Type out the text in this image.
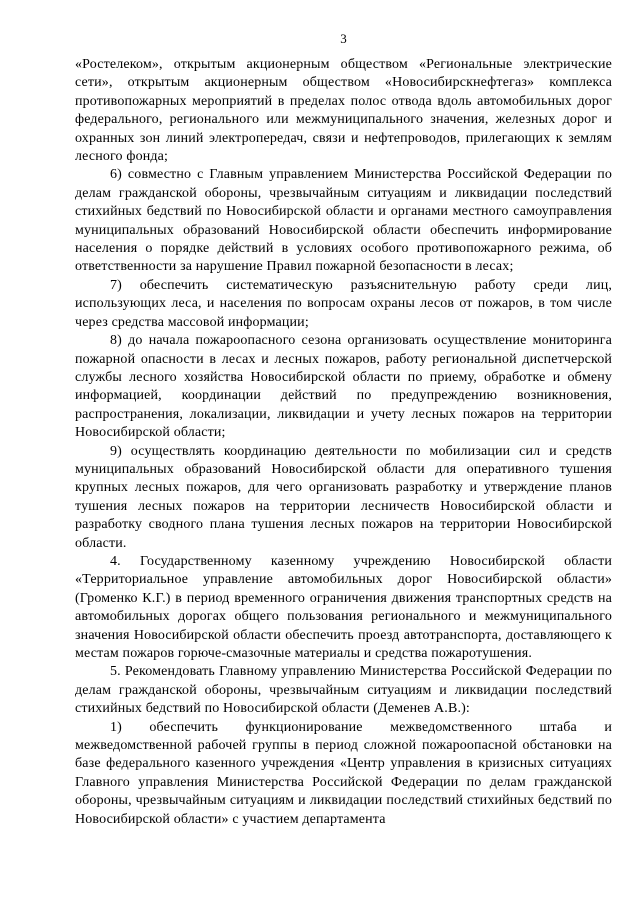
3

«Ростелеком», открытым акционерным обществом «Региональные электрические сети», открытым акционерным обществом «Новосибирскнефтегаз» комплекса противопожарных мероприятий в пределах полос отвода вдоль автомобильных дорог федерального, регионального или межмуниципального значения, железных дорог и охранных зон линий электропередач, связи и нефтепроводов, прилегающих к землям лесного фонда;

6) совместно с Главным управлением Министерства Российской Федерации по делам гражданской обороны, чрезвычайным ситуациям и ликвидации последствий стихийных бедствий по Новосибирской области и органами местного самоуправления муниципальных образований Новосибирской области обеспечить информирование населения о порядке действий в условиях особого противопожарного режима, об ответственности за нарушение Правил пожарной безопасности в лесах;

7) обеспечить систематическую разъяснительную работу среди лиц, использующих леса, и населения по вопросам охраны лесов от пожаров, в том числе через средства массовой информации;

8) до начала пожароопасного сезона организовать осуществление мониторинга пожарной опасности в лесах и лесных пожаров, работу региональной диспетчерской службы лесного хозяйства Новосибирской области по приему, обработке и обмену информацией, координации действий по предупреждению возникновения, распространения, локализации, ликвидации и учету лесных пожаров на территории Новосибирской области;

9) осуществлять координацию деятельности по мобилизации сил и средств муниципальных образований Новосибирской области для оперативного тушения крупных лесных пожаров, для чего организовать разработку и утверждение планов тушения лесных пожаров на территории лесничеств Новосибирской области и разработку сводного плана тушения лесных пожаров на территории Новосибирской области.

4. Государственному казенному учреждению Новосибирской области «Территориальное управление автомобильных дорог Новосибирской области» (Громенко К.Г.) в период временного ограничения движения транспортных средств на автомобильных дорогах общего пользования регионального и межмуниципального значения Новосибирской области обеспечить проезд автотранспорта, доставляющего к местам пожаров горюче-смазочные материалы и средства пожаротушения.

5. Рекомендовать Главному управлению Министерства Российской Федерации по делам гражданской обороны, чрезвычайным ситуациям и ликвидации последствий стихийных бедствий по Новосибирской области (Деменев А.В.):

1) обеспечить функционирование межведомственного штаба и межведомственной рабочей группы в период сложной пожароопасной обстановки на базе федерального казенного учреждения «Центр управления в кризисных ситуациях Главного управления Министерства Российской Федерации по делам гражданской обороны, чрезвычайным ситуациям и ликвидации последствий стихийных бедствий по Новосибирской области» с участием департамента
